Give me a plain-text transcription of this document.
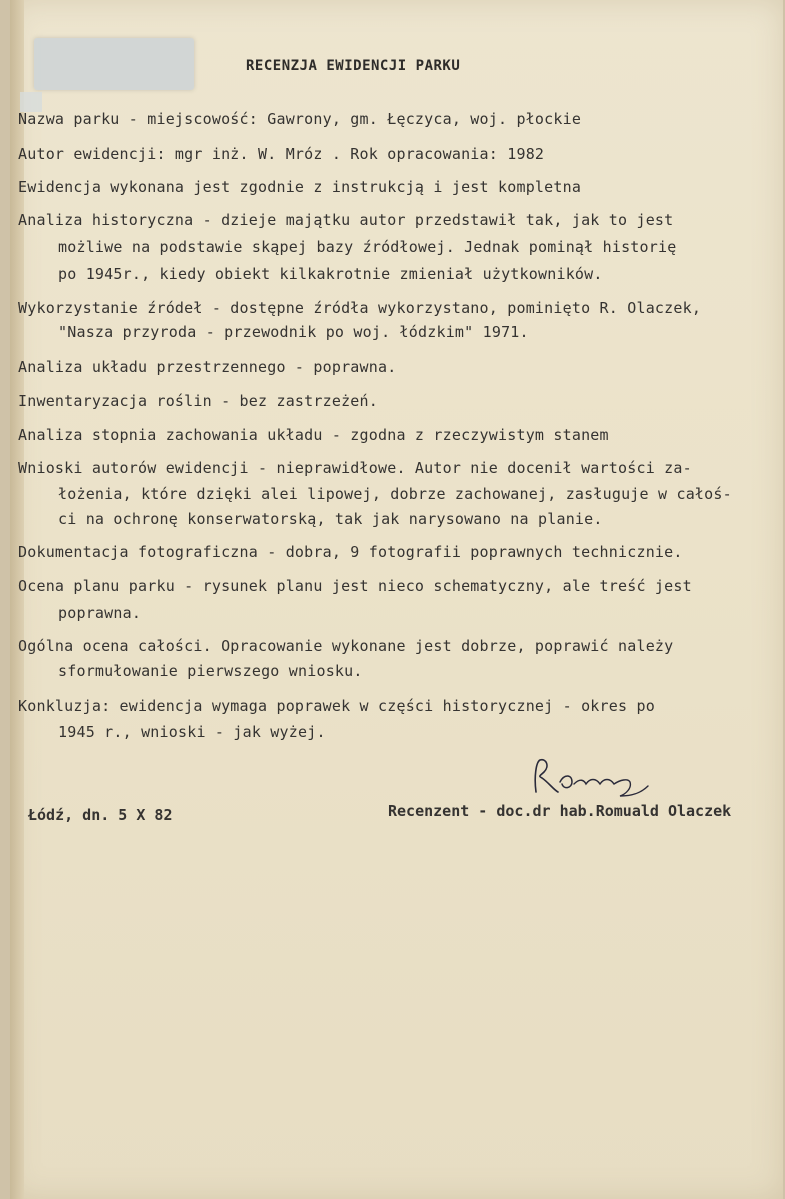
RECENZJA EWIDENCJI PARKU
Nazwa parku - miejscowość: Gawrony, gm. Łęczyca, woj. płockie
Autor ewidencji: mgr inż. W. Mróz . Rok opracowania: 1982
Ewidencja wykonana jest zgodnie z instrukcją i jest kompletna
Analiza historyczna - dzieje majątku autor przedstawił tak, jak to jest
możliwe na podstawie skąpej bazy źródłowej. Jednak pominął historię
po 1945r., kiedy obiekt kilkakrotnie zmieniał użytkowników.
Wykorzystanie źródeł - dostępne źródła wykorzystano, pominięto R. Olaczek,
"Nasza przyroda - przewodnik po woj. łódzkim" 1971.
Analiza układu przestrzennego - poprawna.
Inwentaryzacja roślin - bez zastrzeżeń.
Analiza stopnia zachowania układu - zgodna z rzeczywistym stanem
Wnioski autorów ewidencji - nieprawidłowe. Autor nie docenił wartości za-
łożenia, które dzięki alei lipowej, dobrze zachowanej, zasługuje w całoś-
ci na ochronę konserwatorską, tak jak narysowano na planie.
Dokumentacja fotograficzna - dobra, 9 fotografii poprawnych technicznie.
Ocena planu parku - rysunek planu jest nieco schematyczny, ale treść jest
poprawna.
Ogólna ocena całości. Opracowanie wykonane jest dobrze, poprawić należy
sformułowanie pierwszego wniosku.
Konkluzja: ewidencja wymaga poprawek w części historycznej - okres po
1945 r., wnioski - jak wyżej.
Łódź, dn. 5 X 82	Recenzent - doc.dr hab.Romuald Olaczek
